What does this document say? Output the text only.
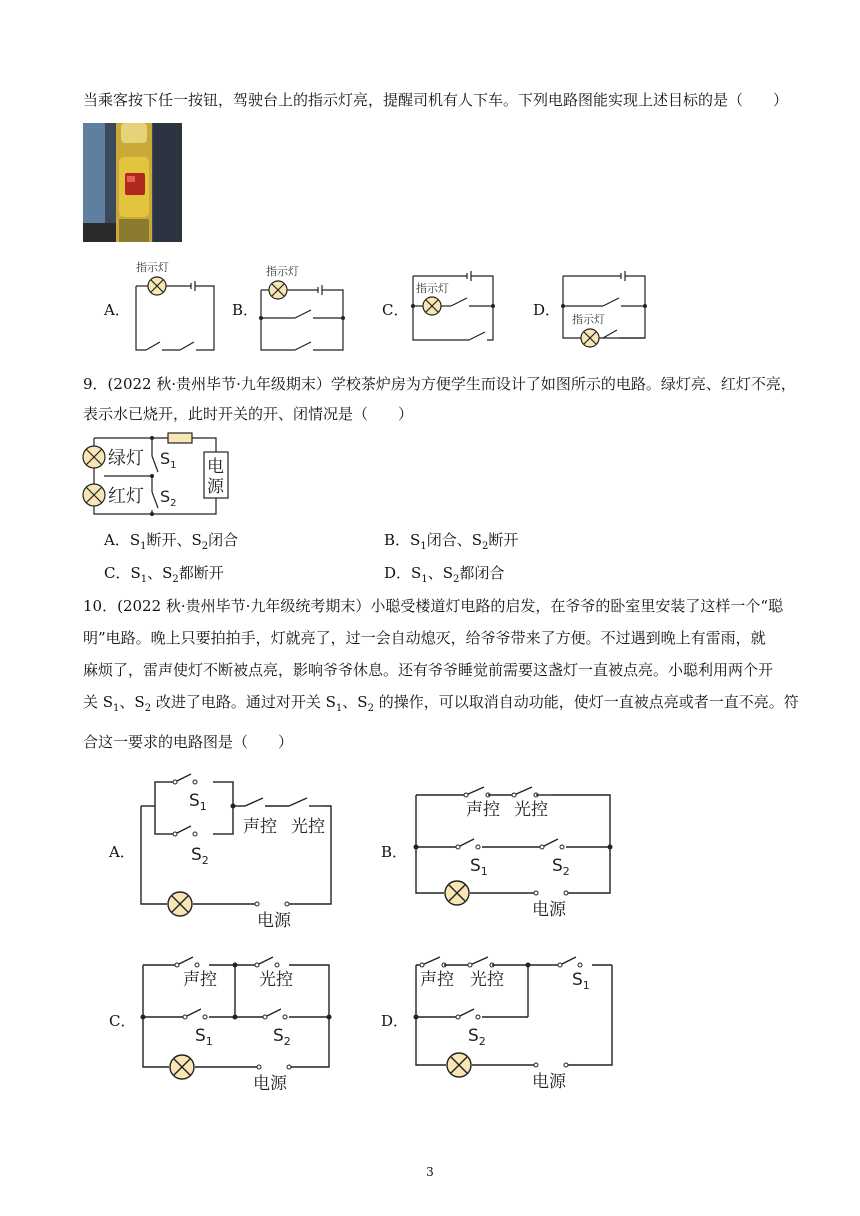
当乘客按下任一按钮，驾驶台上的指示灯亮，提醒司机有人下车。下列电路图能实现上述目标的是（　　）
A．
指示灯
B．
指示灯
C．
指示灯
D．
指示灯
9．(2022 秋·贵州毕节·九年级期末）学校茶炉房为方便学生而设计了如图所示的电路。绿灯亮、红灯不亮，
表示水已烧开，此时开关的开、闭情况是（　　）
绿灯
红灯
$S_1$
$S_2$
电
源
A．$S_1$断开、$S_2$闭合	B．$S_1$闭合、$S_2$断开
C．$S_1$、$S_2$都断开	D．$S_1$、$S_2$都闭合
10．(2022 秋·贵州毕节·九年级统考期末）小聪受楼道灯电路的启发，在爷爷的卧室里安装了这样一个“聪
明”电路。晚上只要拍拍手，灯就亮了，过一会自动熄灭，给爷爷带来了方便。不过遇到晚上有雷雨，就
麻烦了，雷声使灯不断被点亮，影响爷爷休息。还有爷爷睡觉前需要这盏灯一直被点亮。小聪利用两个开
关 $S_1$、$S_2$ 改进了电路。通过对开关 $S_1$、$S_2$ 的操作，可以取消自动功能，使灯一直被点亮或者一直不亮。符
合这一要求的电路图是（　　）
A．
$S_1$
$S_2$
声控 光控
电源
B．
声控 光控
$S_1$	$S_2$
电源
C．
声控 光控
$S_1$	$S_2$
电源
D．
声控 光控	$S_1$
$S_2$
电源
3
